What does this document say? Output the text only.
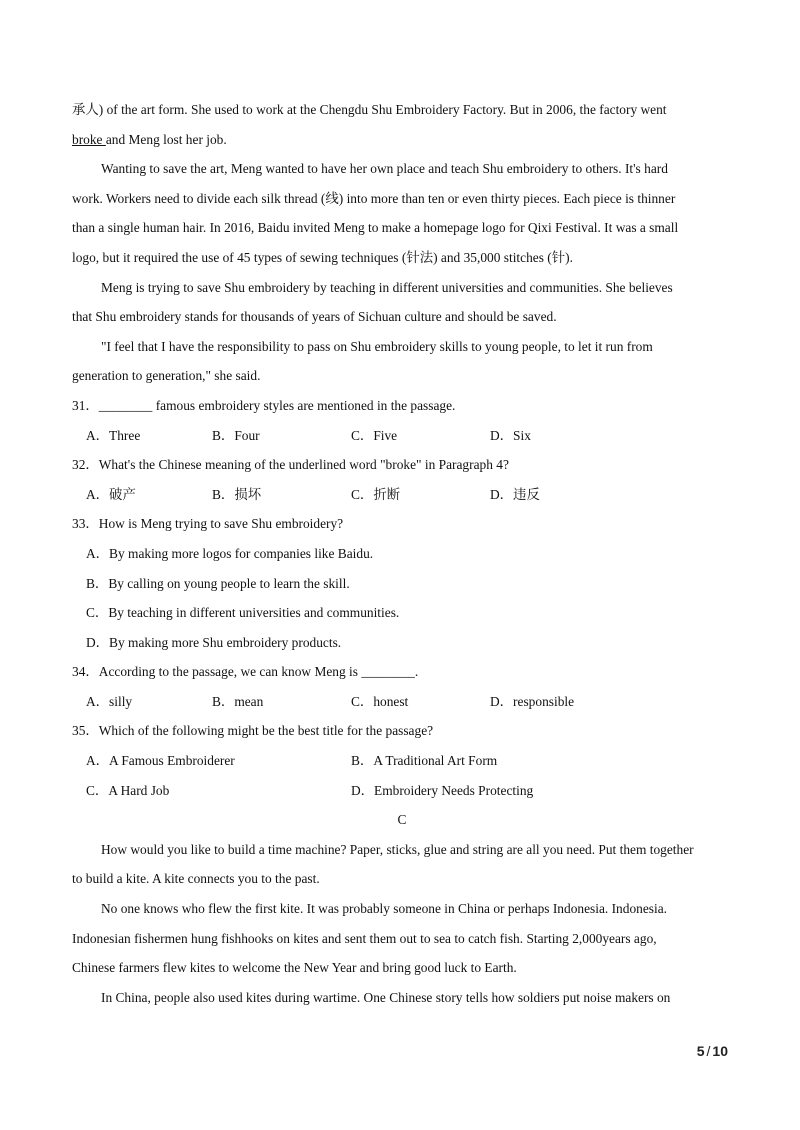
承人) of the art form. She used to work at the Chengdu Shu Embroidery Factory. But in 2006, the factory went
broke and Meng lost her job.
Wanting to save the art, Meng wanted to have her own place and teach Shu embroidery to others. It's hard
work. Workers need to divide each silk thread (线) into more than ten or even thirty pieces. Each piece is thinner
than a single human hair. In 2016, Baidu invited Meng to make a homepage logo for Qixi Festival. It was a small
logo, but it required the use of 45 types of sewing techniques (针法) and 35,000 stitches (针).
Meng is trying to save Shu embroidery by teaching in different universities and communities. She believes
that Shu embroidery stands for thousands of years of Sichuan culture and should be saved.
"I feel that I have the responsibility to pass on Shu embroidery skills to young people, to let it run from
generation to generation," she said.
31．________ famous embroidery styles are mentioned in the passage.
A．Three	B．Four	C．Five	D．Six
32．What's the Chinese meaning of the underlined word "broke" in Paragraph 4?
A．破产	B．损坏	C．折断	D．违反
33．How is Meng trying to save Shu embroidery?
A．By making more logos for companies like Baidu.
B．By calling on young people to learn the skill.
C．By teaching in different universities and communities.
D．By making more Shu embroidery products.
34．According to the passage, we can know Meng is ________.
A．silly	B．mean	C．honest	D．responsible
35．Which of the following might be the best title for the passage?
A．A Famous Embroiderer	B．A Traditional Art Form
C．A Hard Job	D．Embroidery Needs Protecting
C
How would you like to build a time machine? Paper, sticks, glue and string are all you need. Put them together
to build a kite. A kite connects you to the past.
No one knows who flew the first kite. It was probably someone in China or perhaps Indonesia. Indonesia.
Indonesian fishermen hung fishhooks on kites and sent them out to sea to catch fish. Starting 2,000years ago,
Chinese farmers flew kites to welcome the New Year and bring good luck to Earth.
In China, people also used kites during wartime. One Chinese story tells how soldiers put noise makers on
5 / 10
